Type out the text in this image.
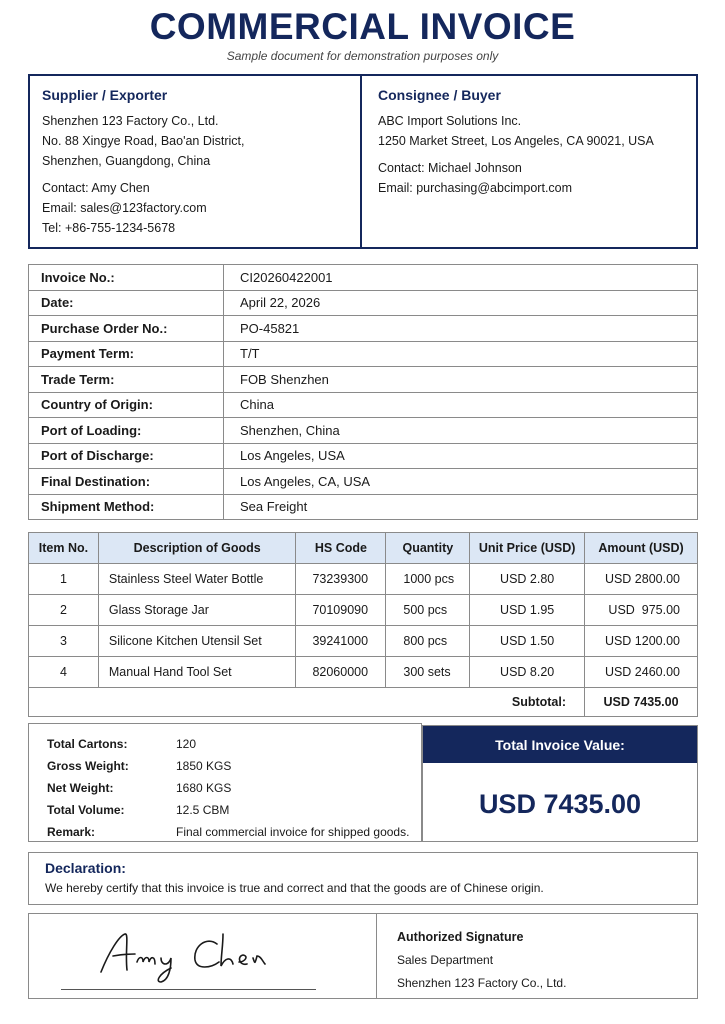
COMMERCIAL INVOICE
Sample document for demonstration purposes only
Supplier / Exporter
Shenzhen 123 Factory Co., Ltd.
No. 88 Xingye Road, Bao'an District,
Shenzhen, Guangdong, China
Contact: Amy Chen
Email: sales@123factory.com
Tel: +86-755-1234-5678
Consignee / Buyer
ABC Import Solutions Inc.
1250 Market Street, Los Angeles, CA 90021, USA
Contact: Michael Johnson
Email: purchasing@abcimport.com
Invoice No.:	CI20260422001
Date:	April 22, 2026
Purchase Order No.:	PO-45821
Payment Term:	T/T
Trade Term:	FOB Shenzhen
Country of Origin:	China
Port of Loading:	Shenzhen, China
Port of Discharge:	Los Angeles, USA
Final Destination:	Los Angeles, CA, USA
Shipment Method:	Sea Freight
Item No.	Description of Goods	HS Code	Quantity	Unit Price (USD)	Amount (USD)
1	Stainless Steel Water Bottle	73239300	1000 pcs	USD 2.80	USD 2800.00
2	Glass Storage Jar	70109090	500 pcs	USD 1.95	USD  975.00
3	Silicone Kitchen Utensil Set	39241000	800 pcs	USD 1.50	USD 1200.00
4	Manual Hand Tool Set	82060000	300 sets	USD 8.20	USD 2460.00
Subtotal:					USD 7435.00
Total Cartons:	120
Gross Weight:	1850 KGS
Net Weight:	1680 KGS
Total Volume:	12.5 CBM
Remark:	Final commercial invoice for shipped goods.
Total Invoice Value:
USD 7435.00
Declaration:

We hereby certify that this invoice is true and correct and that the goods are of Chinese origin.

Authorized Signature
Sales Department
Shenzhen 123 Factory Co., Ltd.
